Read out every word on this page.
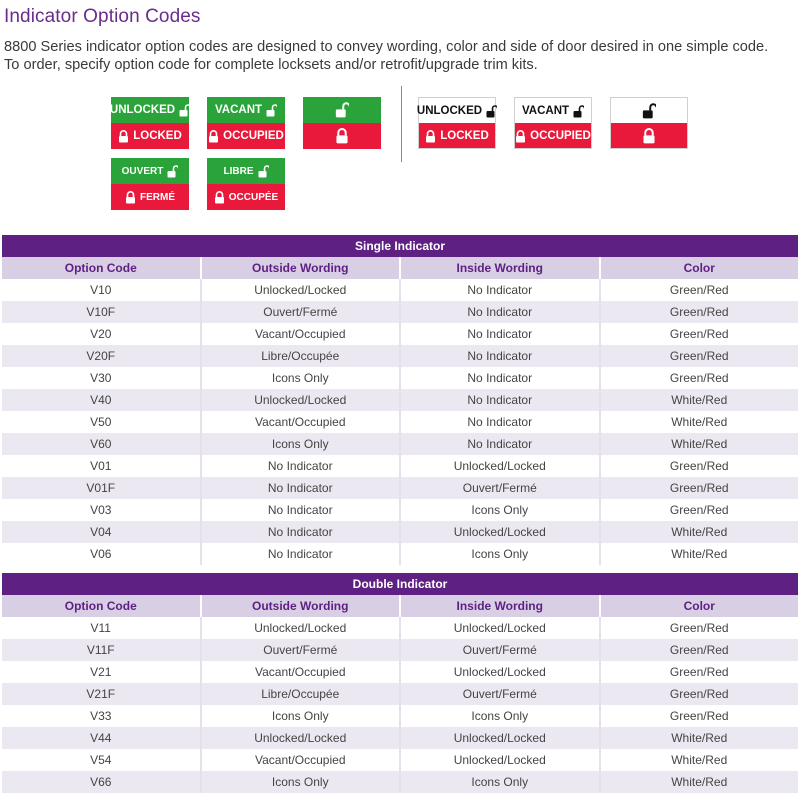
Indicator Option Codes
8800 Series indicator option codes are designed to convey wording, color and side of door desired in one simple code.
To order, specify option code for complete locksets and/or retrofit/upgrade trim kits.
UNLOCKED
LOCKED
VACANT
OCCUPIED
UNLOCKED
LOCKED
VACANT
OCCUPIED
OUVERT
FERMÉ
LIBRE
OCCUPÉE
Single Indicator
Option Code	Outside Wording	Inside Wording	Color
V10	Unlocked/Locked	No Indicator	Green/Red
V10F	Ouvert/Fermé	No Indicator	Green/Red
V20	Vacant/Occupied	No Indicator	Green/Red
V20F	Libre/Occupée	No Indicator	Green/Red
V30	Icons Only	No Indicator	Green/Red
V40	Unlocked/Locked	No Indicator	White/Red
V50	Vacant/Occupied	No Indicator	White/Red
V60	Icons Only	No Indicator	White/Red
V01	No Indicator	Unlocked/Locked	Green/Red
V01F	No Indicator	Ouvert/Fermé	Green/Red
V03	No Indicator	Icons Only	Green/Red
V04	No Indicator	Unlocked/Locked	White/Red
V06	No Indicator	Icons Only	White/Red
Double Indicator
Option Code	Outside Wording	Inside Wording	Color
V11	Unlocked/Locked	Unlocked/Locked	Green/Red
V11F	Ouvert/Fermé	Ouvert/Fermé	Green/Red
V21	Vacant/Occupied	Unlocked/Locked	Green/Red
V21F	Libre/Occupée	Ouvert/Fermé	Green/Red
V33	Icons Only	Icons Only	Green/Red
V44	Unlocked/Locked	Unlocked/Locked	White/Red
V54	Vacant/Occupied	Unlocked/Locked	White/Red
V66	Icons Only	Icons Only	White/Red
